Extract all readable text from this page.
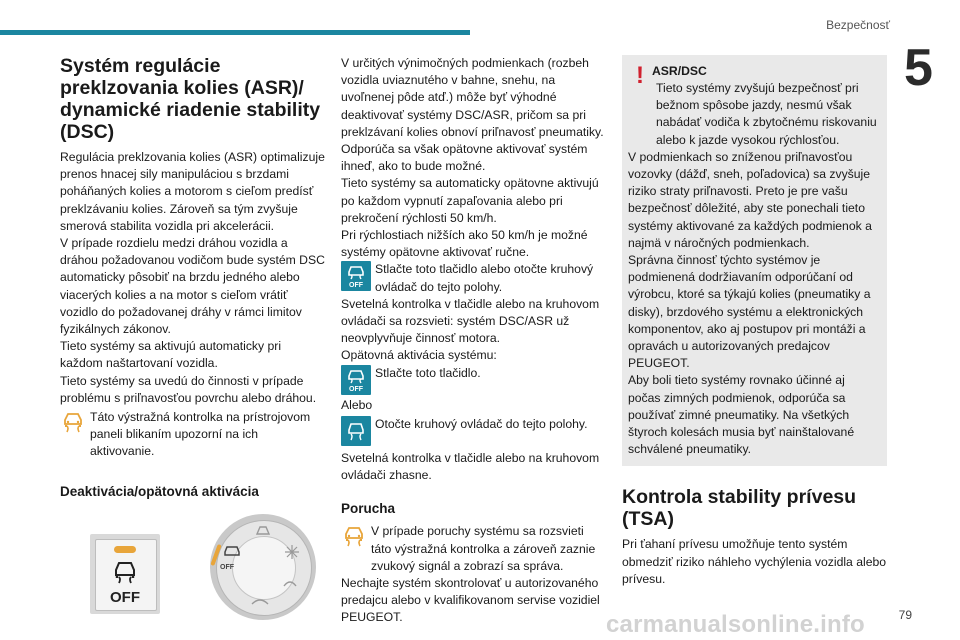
Bezpečnosť
5
Systém regulácie preklzovania kolies (ASR)/ dynamické riadenie stability (DSC)

Regulácia preklzovania kolies (ASR) optimalizuje prenos hnacej sily manipuláciou s brzdami poháňaných kolies a motorom s cieľom predísť preklzávaniu kolies. Zároveň sa tým zvyšuje smerová stabilita vozidla pri akcelerácii.

V prípade rozdielu medzi dráhou vozidla a dráhou požadovanou vodičom bude systém DSC automaticky pôsobiť na brzdu jedného alebo viacerých kolies a na motor s cieľom vrátiť vozidlo do požadovanej dráhy v rámci limitov fyzikálnych zákonov.

Tieto systémy sa aktivujú automaticky pri každom naštartovaní vozidla.

Tieto systémy sa uvedú do činnosti v prípade problému s priľnavosťou povrchu alebo dráhou.

Táto výstražná kontrolka na prístrojovom paneli blikaním upozorní na ich aktivovanie.

Deaktivácia/opätovná aktivácia
OFF
OFF

V určitých výnimočných podmienkach (rozbeh vozidla uviaznutého v bahne, snehu, na uvoľnenej pôde atď.) môže byť výhodné deaktivovať systémy DSC/ASR, pričom sa pri preklzávaní kolies obnoví priľnavosť pneumatiky.

Odporúča sa však opätovne aktivovať systém ihneď, ako to bude možné.

Tieto systémy sa automaticky opätovne aktivujú po každom vypnutí zapaľovania alebo pri prekročení rýchlosti 50 km/h.

Pri rýchlostiach nižších ako 50 km/h je možné systémy opätovne aktivovať ručne.

OFF

Stlačte toto tlačidlo alebo otočte kruhový ovládač do tejto polohy.

Svetelná kontrolka v tlačidle alebo na kruhovom ovládači sa rozsvieti: systém DSC/ASR už neovplyvňuje činnosť motora.

Opätovná aktivácia systému:

OFF

Stlačte toto tlačidlo.

Alebo

Otočte kruhový ovládač do tejto polohy.

Svetelná kontrolka v tlačidle alebo na kruhovom ovládači zhasne.

Porucha

V prípade poruchy systému sa rozsvieti táto výstražná kontrolka a zároveň zaznie zvukový signál a zobrazí sa správa.

Nechajte systém skontrolovať u autorizovaného predajcu alebo v kvalifikovanom servise vozidiel PEUGEOT.

! ASR/DSC

Tieto systémy zvyšujú bezpečnosť pri bežnom spôsobe jazdy, nesmú však nabádať vodiča k zbytočnému riskovaniu alebo k jazde vysokou rýchlosťou.

V podmienkach so zníženou priľnavosťou vozovky (dážď, sneh, poľadovica) sa zvyšuje riziko straty priľnavosti. Preto je pre vašu bezpečnosť dôležité, aby ste ponechali tieto systémy aktivované za každých podmienok a najmä v náročných podmienkach.

Správna činnosť týchto systémov je podmienená dodržiavaním odporúčaní od výrobcu, ktoré sa týkajú kolies (pneumatiky a disky), brzdového systému a elektronických komponentov, ako aj postupov pri montáži a opravách u autorizovaných predajcov PEUGEOT.

Aby boli tieto systémy rovnako účinné aj počas zimných podmienok, odporúča sa používať zimné pneumatiky. Na všetkých štyroch kolesách musia byť nainštalované schválené pneumatiky.

Kontrola stability prívesu (TSA)

Pri ťahaní prívesu umožňuje tento systém obmedziť riziko náhleho vychýlenia vozidla alebo prívesu.

carmanualsonline.info	79
